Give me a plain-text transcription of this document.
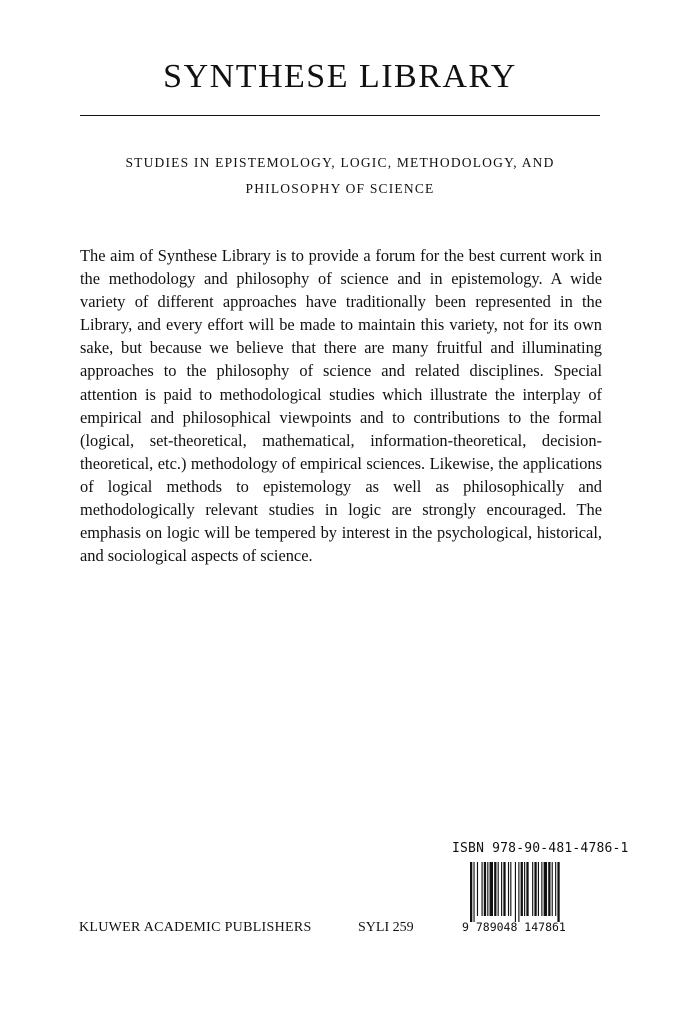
SYNTHESE LIBRARY
STUDIES IN EPISTEMOLOGY, LOGIC, METHODOLOGY, AND
PHILOSOPHY OF SCIENCE

The aim of Synthese Library is to provide a forum for the best current work in the methodology and philosophy of science and in epistemology. A wide variety of different approaches have traditionally been represented in the Library, and every effort will be made to maintain this variety, not for its own sake, but because we believe that there are many fruitful and illuminating approaches to the philosophy of science and related disciplines. Special attention is paid to methodological studies which illustrate the interplay of empirical and philosophical viewpoints and to contributions to the formal (logical, set-theoretical, mathematical, information-theoretical, decision-theoretical, etc.) methodology of empirical sciences. Likewise, the applications of logical methods to epistemology as well as philosophically and methodologically relevant studies in logic are strongly encouraged. The emphasis on logic will be tempered by interest in the psychological, historical, and sociological aspects of science.

ISBN 978-90-481-4786-1
9 789048 147861
KLUWER ACADEMIC PUBLISHERS	SYLI 259
